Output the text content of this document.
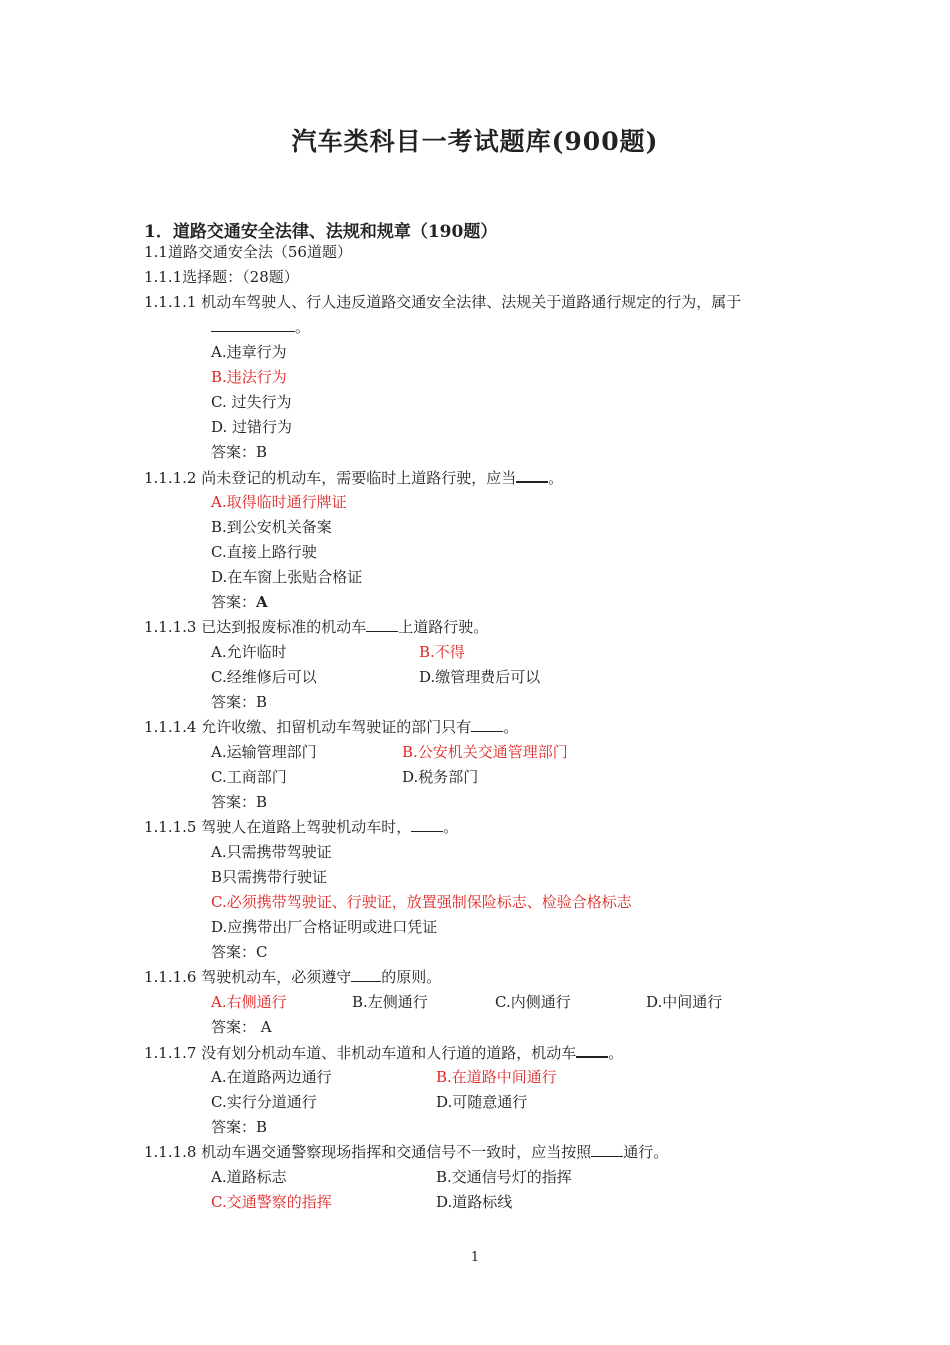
汽车类科目一考试题库(900题)
1．道路交通安全法律、法规和规章（190题）
1.1道路交通安全法（56道题）
1.1.1选择题：（28题）
1.1.1.1 机动车驾驶人、行人违反道路交通安全法律、法规关于道路通行规定的行为，属于
。
A.违章行为
B.违法行为
C. 过失行为
D. 过错行为
答案：B
1.1.1.2 尚未登记的机动车，需要临时上道路行驶，应当 。
A.取得临时通行牌证
B.到公安机关备案
C.直接上路行驶
D.在车窗上张贴合格证
答案：A
1.1.1.3 已达到报废标准的机动车 上道路行驶。
A.允许临时	B.不得
C.经维修后可以	D.缴管理费后可以
答案：B
1.1.1.4 允许收缴、扣留机动车驾驶证的部门只有 。
A.运输管理部门	B.公安机关交通管理部门
C.工商部门	D.税务部门
答案：B
1.1.1.5 驾驶人在道路上驾驶机动车时， 。
A.只需携带驾驶证
B只需携带行驶证
C.必须携带驾驶证、行驶证，放置强制保险标志、检验合格标志
D.应携带出厂合格证明或进口凭证
答案：C
1.1.1.6 驾驶机动车，必须遵守 的原则。
A.右侧通行	B.左侧通行	C.内侧通行	D.中间通行
答案： A
1.1.1.7 没有划分机动车道、非机动车道和人行道的道路，机动车 。
A.在道路两边通行	B.在道路中间通行
C.实行分道通行	D.可随意通行
答案：B
1.1.1.8 机动车遇交通警察现场指挥和交通信号不一致时，应当按照 通行。
A.道路标志	B.交通信号灯的指挥
C.交通警察的指挥	D.道路标线
1
